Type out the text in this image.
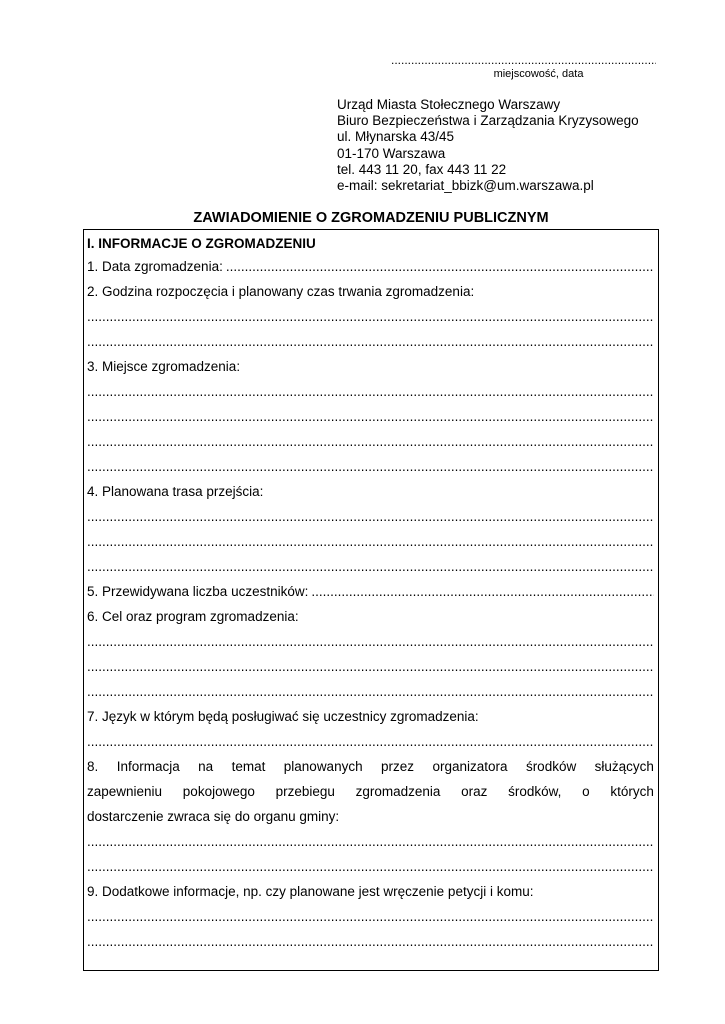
.....
miejscowość, data
Urząd Miasta Stołecznego Warszawy
Biuro Bezpieczeństwa i Zarządzania Kryzysowego
ul. Młynarska 43/45
01-170 Warszawa
tel. 443 11 20, fax 443 11 22
e-mail: sekretariat_bbizk@um.warszawa.pl
ZAWIADOMIENIE O ZGROMADZENIU PUBLICZNYM
I. INFORMACJE O ZGROMADZENIU
1. Data zgromadzenia:
.....
2. Godzina rozpoczęcia i planowany czas trwania zgromadzenia:
.....
.....
3. Miejsce zgromadzenia:
.....
.....
.....
.....
4. Planowana trasa przejścia:
.....
.....
.....
5. Przewidywana liczba uczestników:
.....
6. Cel oraz program zgromadzenia:
.....
.....
.....
7. Język w którym będą posługiwać się uczestnicy zgromadzenia:
.....
8. Informacja na temat planowanych przez organizatora środków służących
zapewnieniu pokojowego przebiegu zgromadzenia oraz środków, o których
dostarczenie zwraca się do organu gminy:
.....
.....
9. Dodatkowe informacje, np. czy planowane jest wręczenie petycji i komu:
.....
.....
